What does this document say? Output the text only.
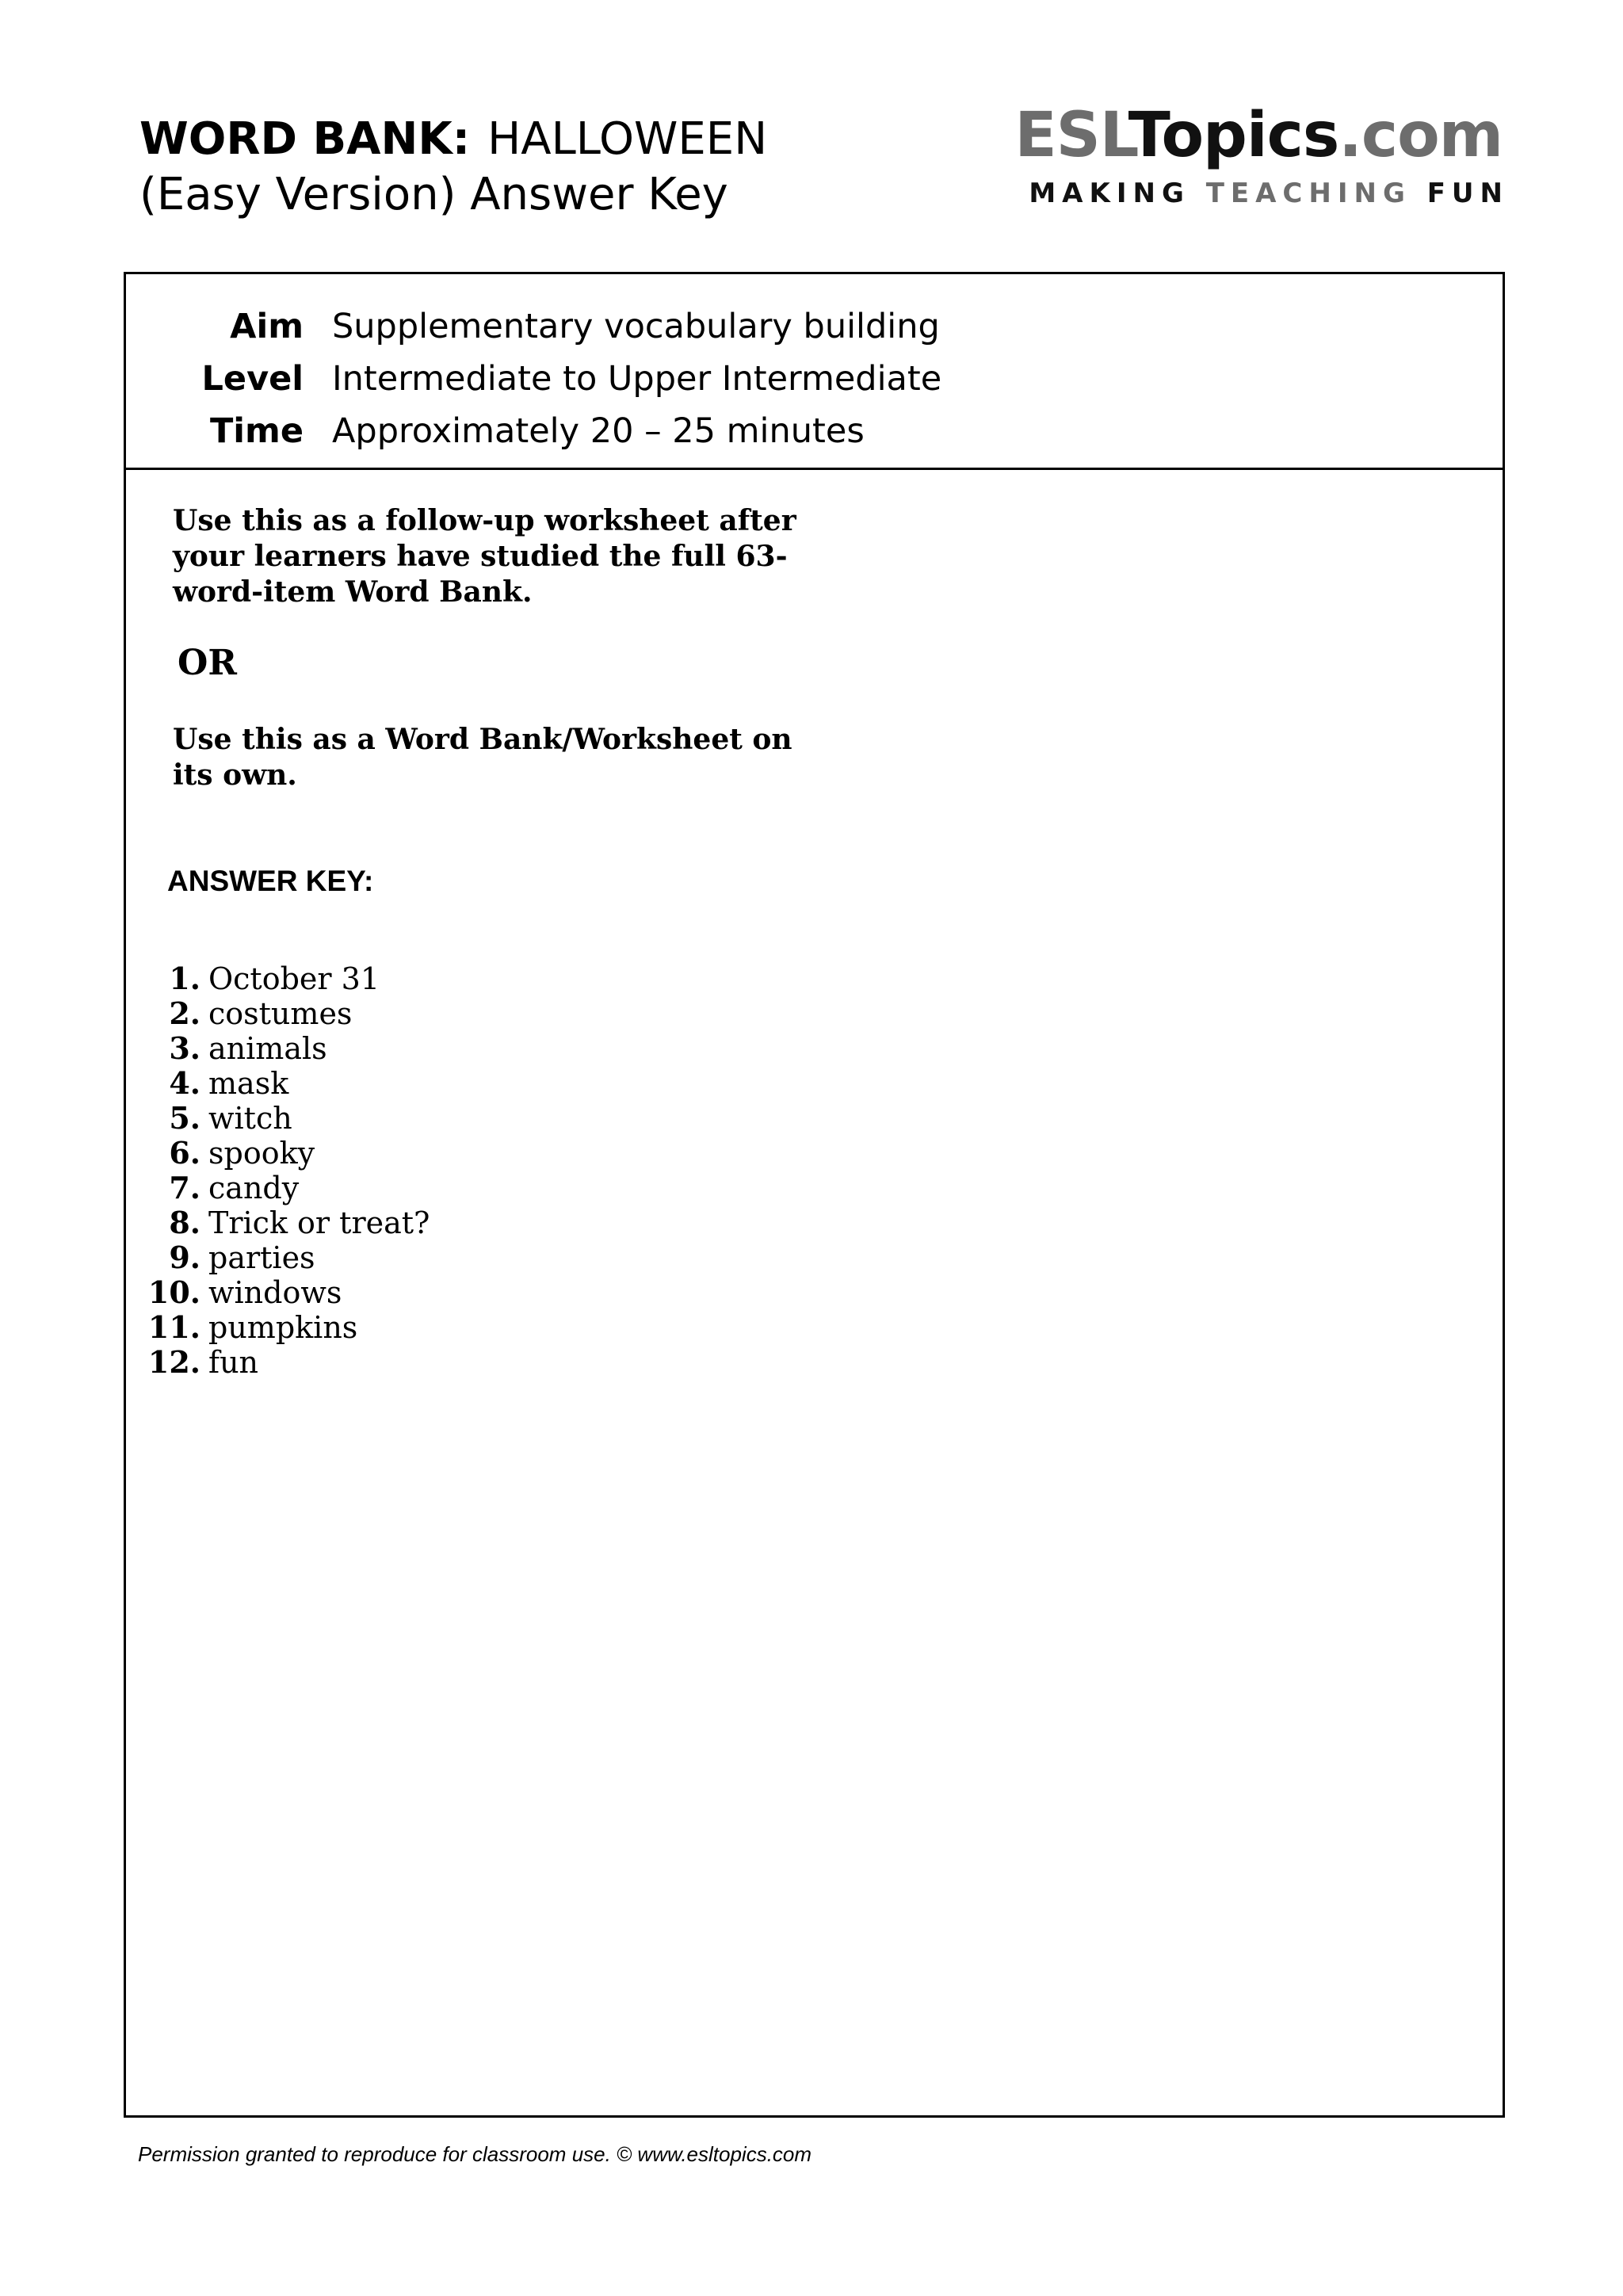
WORD BANK: HALLOWEEN
(Easy Version) Answer Key
ESLTopics.com
MAKING TEACHING FUN
Aim Supplementary vocabulary building
Level Intermediate to Upper Intermediate
Time Approximately 20 – 25 minutes
Use this as a follow-up worksheet after
your learners have studied the full 63-
word-item Word Bank.
OR
Use this as a Word Bank/Worksheet on
its own.
ANSWER KEY:
1. October 31
2. costumes
3. animals
4. mask
5. witch
6. spooky
7. candy
8. Trick or treat?
9. parties
10. windows
11. pumpkins
12. fun
Permission granted to reproduce for classroom use. © www.esltopics.com
